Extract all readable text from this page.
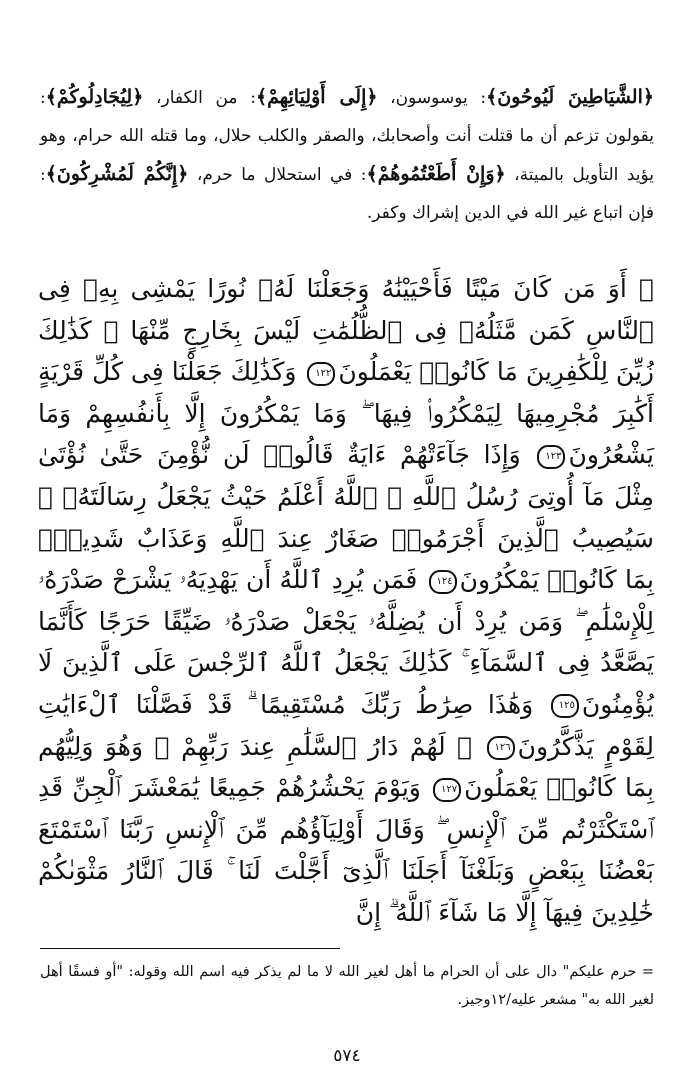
﴿الشَّيَاطِينَ لَيُوحُونَ﴾: يوسوسون، ﴿إِلَى أَوْلِيَائِهِمْ﴾: من الكفار، ﴿لِيُجَادِلُوكُمْ﴾: يقولون تزعم أن ما قتلت أنت وأصحابك، والصقر والكلب حلال، وما قتله الله حرام، وهو يؤيد التأويل بالميتة، ﴿وَإِنْ أَطَعْتُمُوهُمْ﴾: في استحلال ما حرم، ﴿إِنَّكُمْ لَمُشْرِكُونَ﴾: فإن اتباع غير الله في الدين إشراك وكفر.
﴿ أَوَ مَن كَانَ مَيْتًا فَأَحْيَيْنَٰهُ وَجَعَلْنَا لَهُۥ نُورًا يَمْشِى بِهِۦ فِى ٱلنَّاسِ كَمَن مَّثَلُهُۥ فِى ٱلظُّلُمَٰتِ لَيْسَ بِخَارِجٍ مِّنْهَا ۚ كَذَٰلِكَ زُيِّنَ لِلْكَٰفِرِينَ مَا كَانُوا۟ يَعْمَلُونَ١٢٢ وَكَذَٰلِكَ جَعَلْنَا فِى كُلِّ قَرْيَةٍ أَكَٰبِرَ مُجْرِمِيهَا لِيَمْكُرُوا۟ فِيهَا ۖ وَمَا يَمْكُرُونَ إِلَّا بِأَنفُسِهِمْ وَمَا يَشْعُرُونَ١٢٣ وَإِذَا جَآءَتْهُمْ ءَايَةٌ قَالُوا۟ لَن نُّؤْمِنَ حَتَّىٰ نُؤْتَىٰ مِثْلَ مَآ أُوتِىَ رُسُلُ ٱللَّهِ ۘ ٱللَّهُ أَعْلَمُ حَيْثُ يَجْعَلُ رِسَالَتَهُۥ ۗ سَيُصِيبُ ٱلَّذِينَ أَجْرَمُوا۟ صَغَارٌ عِندَ ٱللَّهِ وَعَذَابٌ شَدِيدٌۢ بِمَا كَانُوا۟ يَمْكُرُونَ١٢٤ فَمَن يُرِدِ ٱللَّهُ أَن يَهْدِيَهُۥ يَشْرَحْ صَدْرَهُۥ لِلْإِسْلَٰمِ ۖ وَمَن يُرِدْ أَن يُضِلَّهُۥ يَجْعَلْ صَدْرَهُۥ ضَيِّقًا حَرَجًا كَأَنَّمَا يَصَّعَّدُ فِى ٱلسَّمَآءِ ۚ كَذَٰلِكَ يَجْعَلُ ٱللَّهُ ٱلرِّجْسَ عَلَى ٱلَّذِينَ لَا يُؤْمِنُونَ١٢٥ وَهَٰذَا صِرَٰطُ رَبِّكَ مُسْتَقِيمًا ۗ قَدْ فَصَّلْنَا ٱلْءَايَٰتِ لِقَوْمٍ يَذَّكَّرُونَ١٢٦ ۞ لَهُمْ دَارُ ٱلسَّلَٰمِ عِندَ رَبِّهِمْ ۖ وَهُوَ وَلِيُّهُم بِمَا كَانُوا۟ يَعْمَلُونَ١٢٧ وَيَوْمَ يَحْشُرُهُمْ جَمِيعًا يَٰمَعْشَرَ ٱلْجِنِّ قَدِ ٱسْتَكْثَرْتُم مِّنَ ٱلْإِنسِ ۖ وَقَالَ أَوْلِيَآؤُهُم مِّنَ ٱلْإِنسِ رَبَّنَا ٱسْتَمْتَعَ بَعْضُنَا بِبَعْضٍ وَبَلَغْنَآ أَجَلَنَا ٱلَّذِىٓ أَجَّلْتَ لَنَا ۚ قَالَ ٱلنَّارُ مَثْوَىٰكُمْ خَٰلِدِينَ فِيهَآ إِلَّا مَا شَآءَ ٱللَّهُ ۗ إِنَّ
= حرم عليكم" دال على أن الحرام ما أهل لغير الله لا ما لم يذكر فيه اسم الله وقوله: "أو فسقًا أهل لغير الله به" مشعر عليه/١٢وجيز.
٥٧٤
